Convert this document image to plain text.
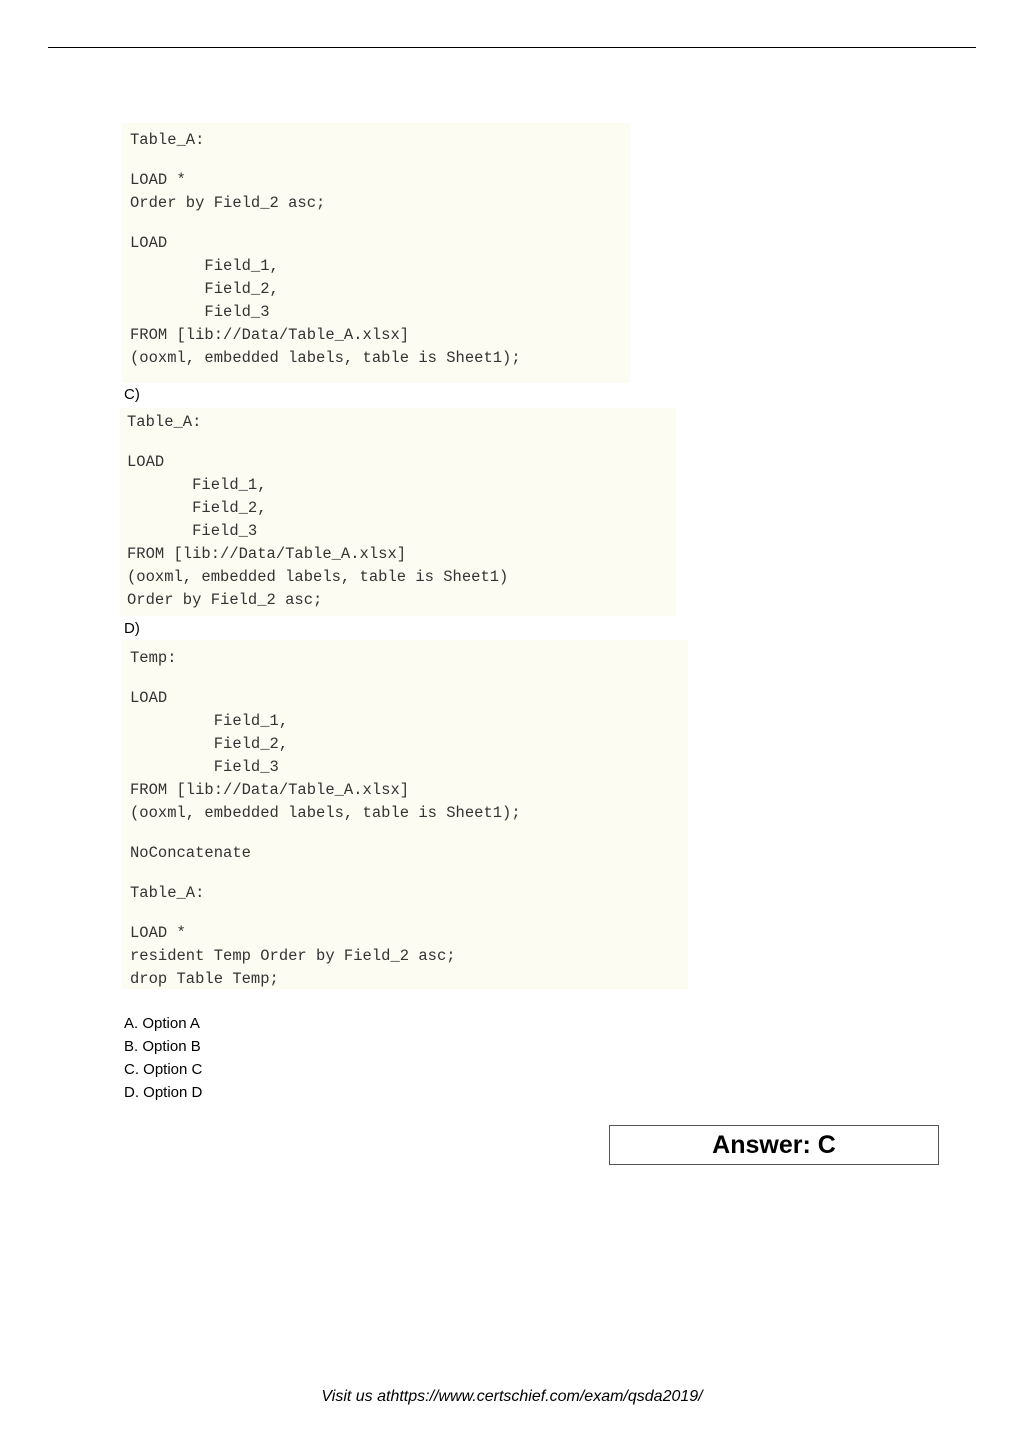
Table_A:
LOAD *
Order by Field_2 asc;
LOAD
Field_1,
Field_2,
Field_3
FROM [lib://Data/Table_A.xlsx]
(ooxml, embedded labels, table is Sheet1);
C)
Table_A:
LOAD
Field_1,
Field_2,
Field_3
FROM [lib://Data/Table_A.xlsx]
(ooxml, embedded labels, table is Sheet1)
Order by Field_2 asc;
D)
Temp:
LOAD
Field_1,
Field_2,
Field_3
FROM [lib://Data/Table_A.xlsx]
(ooxml, embedded labels, table is Sheet1);
NoConcatenate
Table_A:
LOAD *
resident Temp Order by Field_2 asc;
drop Table Temp;
A. Option A
B. Option B
C. Option C
D. Option D
Answer: C
Visit us athttps://www.certschief.com/exam/qsda2019/
